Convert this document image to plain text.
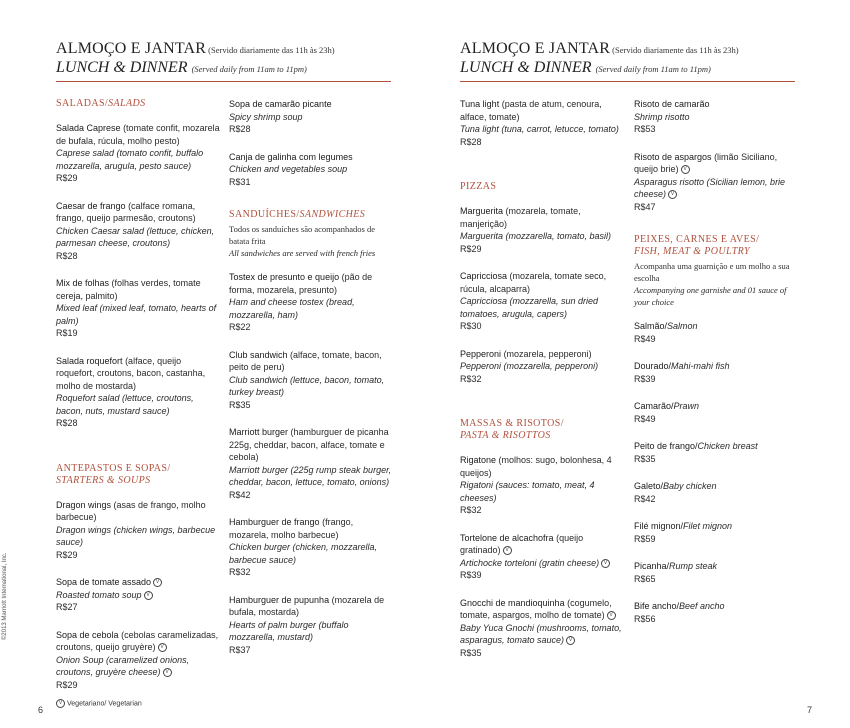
ALMOÇO E JANTAR (Servido diariamente das 11h às 23h)
LUNCH & DINNER (Served daily from 11am to 11pm)
SALADAS/SALADS
Salada Caprese (tomate confit, mozarela de bufala, rúcula, molho pesto)
Caprese salad (tomato confit, buffalo mozzarella, arugula, pesto sauce)
R$29
Caesar de frango (calface romana, frango, queijo parmesão, croutons)
Chicken Caesar salad (lettuce, chicken, parmesan cheese, croutons)
R$28
Mix de folhas (folhas verdes, tomate cereja, palmito)
Mixed leaf (mixed leaf, tomato, hearts of palm)
R$19
Salada roquefort (alface, queijo roquefort, croutons, bacon, castanha, molho de mostarda)
Roquefort salad (lettuce, croutons, bacon, nuts, mustard sauce)
R$28
ANTEPASTOS E SOPAS/
STARTERS & SOUPS
Dragon wings (asas de frango, molho barbecue)
Dragon wings (chicken wings, barbecue sauce)
R$29
Sopa de tomate assado V
Roasted tomato soup V
R$27
Sopa de cebola (cebolas caramelizadas, croutons, queijo gruyère) V
Onion Soup (caramelized onions, croutons, gruyère cheese) V
R$29
Sopa de camarão picante
Spicy shrimp soup
R$28
Canja de galinha com legumes
Chicken and vegetables soup
R$31
SANDUÍCHES/SANDWICHES
Todos os sanduíches são acompanhados de batata frita
All sandwiches are served with french fries
Tostex de presunto e queijo (pão de forma, mozarela, presunto)
Ham and cheese tostex (bread, mozzarella, ham)
R$22
Club sandwich (alface, tomate, bacon, peito de peru)
Club sandwich (lettuce, bacon, tomato, turkey breast)
R$35
Marriott burger (hamburguer de picanha 225g, cheddar, bacon, alface, tomate e cebola)
Marriott burger (225g rump steak burger, cheddar, bacon, lettuce, tomato, onions)
R$42
Hamburguer de frango (frango, mozarela, molho barbecue)
Chicken burger (chicken, mozzarella, barbecue sauce)
R$32
Hamburguer de pupunha (mozarela de bufala, mostarda)
Hearts of palm burger (buffalo mozzarella, mustard)
R$37
V Vegetariano/ Vegetarian
6
©2013 Marriott International, Inc.
ALMOÇO E JANTAR (Servido diariamente das 11h às 23h)
LUNCH & DINNER (Served daily from 11am to 11pm)
Tuna light (pasta de atum, cenoura, alface, tomate)
Tuna light (tuna, carrot, letucce, tomato)
R$28
PIZZAS
Marguerita (mozarela, tomate, manjerição)
Marguerita (mozzarella, tomato, basil)
R$29
Capricciosa (mozarela, tomate seco, rúcula, alcaparra)
Capricciosa (mozzarella, sun dried tomatoes, arugula, capers)
R$30
Pepperoni (mozarela, pepperoni)
Pepperoni (mozzarella, pepperoni)
R$32
MASSAS & RISOTOS/
PASTA & RISOTTOS
Rigatone (molhos: sugo, bolonhesa, 4 queijos)
Rigatoni (sauces: tomato, meat, 4 cheeses)
R$32
Tortelone de alcachofra (queijo gratinado) V
Artichocke torteloni (gratin cheese) V
R$39
Gnocchi de mandioquinha (cogumelo, tomate, aspargos, molho de tomate) V
Baby Yuca Gnochi (mushrooms, tomato, asparagus, tomato sauce) V
R$35
Risoto de camarão
Shrimp risotto
R$53
Risoto de aspargos (limão Siciliano, queijo brie) V
Asparagus risotto (Sicilian lemon, brie cheese) V
R$47
PEIXES, CARNES E AVES/
FISH, MEAT & POULTRY
Acompanha uma guarnição e um molho a sua escolha
Accompanying one garnishe and 01 sauce of your choice
Salmão/Salmon
R$49
Dourado/Mahi-mahi fish
R$39
Camarão/Prawn
R$49
Peito de frango/Chicken breast
R$35
Galeto/Baby chicken
R$42
Filé mignon/Filet mignon
R$59
Picanha/Rump steak
R$65
Bife ancho/Beef ancho
R$56
7
